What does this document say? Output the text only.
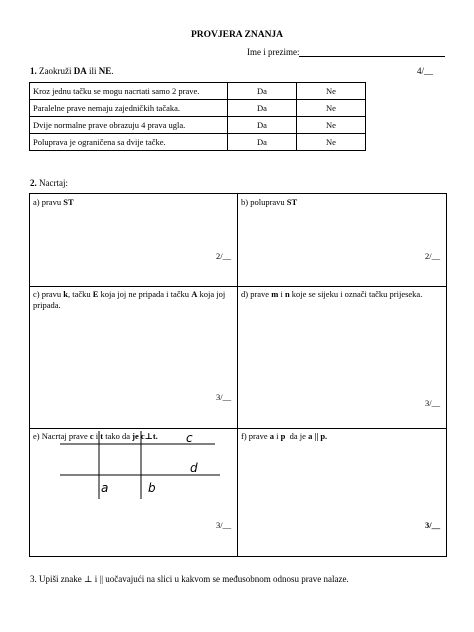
PROVJERA ZNANJA
Ime i prezime:
1. Zaokruži DA ili NE.	4/__
Kroz jednu tačku se mogu nacrtati samo 2 prave.	Da	Ne
Paralelne prave nemaju zajedničkih tačaka.	Da	Ne
Dvije normalne prave obrazuju 4 prava ugla.	Da	Ne
Polupravа je ograničena sa dvije tačke.	Da	Ne
2. Nacrtaj:
a) pravu ST
2/__
b) polupravu ST
2/__
c) pravu k, tačku E koja joj ne pripada i tačku A koja joj pripada.
3/__
d) prave m i n koje se sijeku i označi tačku prijeseka.
3/__
e) Nacrtaj prave c i t tako da je c⊥t. c
d
a	b
3/__
f) prave a i p  da je a || p.
3/__
3. Upiši znake ⊥ i || uočavajući na slici u kakvom se međusobnom odnosu prave nalaze.
